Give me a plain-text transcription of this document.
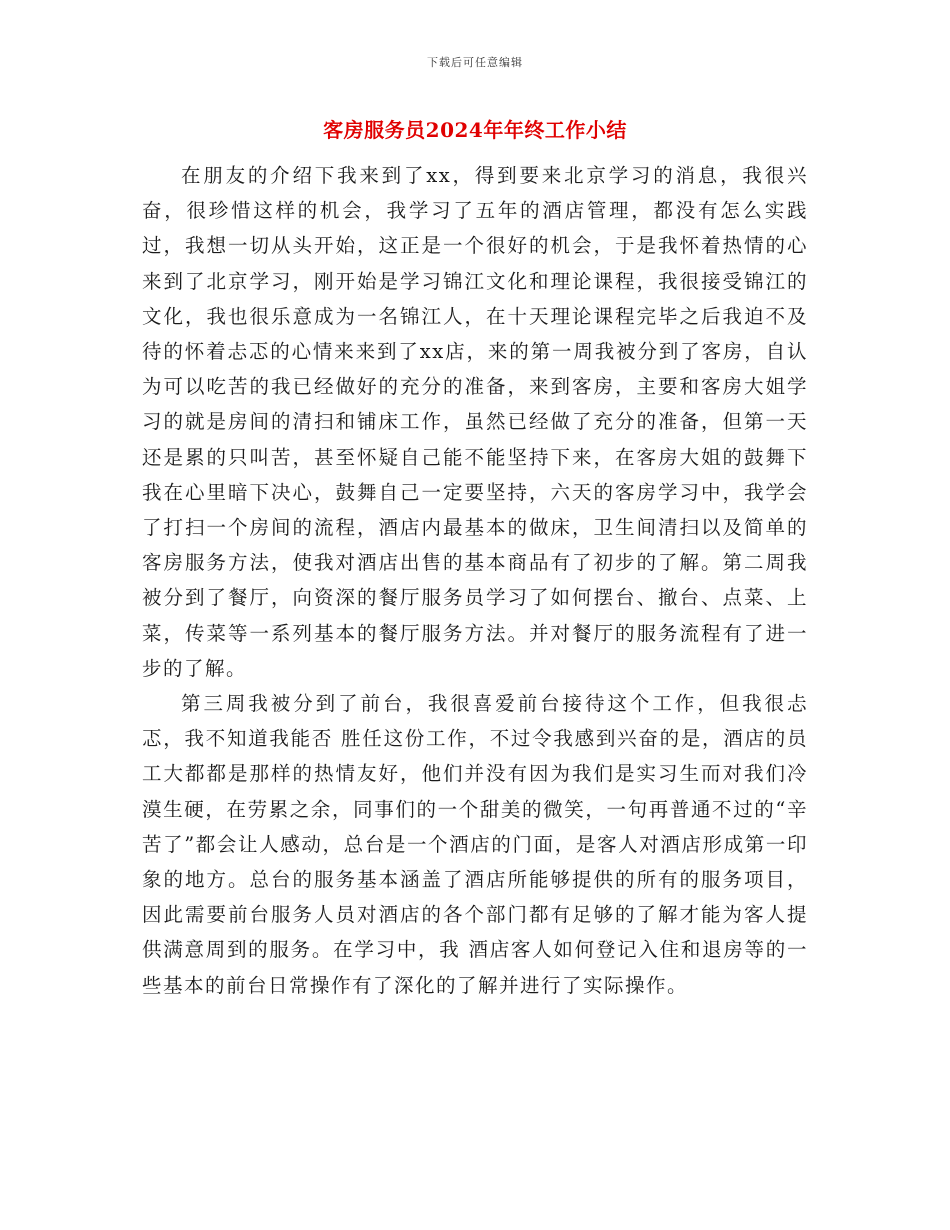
下载后可任意编辑
客房服务员2024年年终工作小结

在朋友的介绍下我来到了xx，得到要来北京学习的消息，我很兴奋，很珍惜这样的机会，我学习了五年的酒店管理，都没有怎么实践过，我想一切从头开始，这正是一个很好的机会，于是我怀着热情的心来到了北京学习，刚开始是学习锦江文化和理论课程，我很接受锦江的文化，我也很乐意成为一名锦江人，在十天理论课程完毕之后我迫不及待的怀着忐忑的心情来来到了xx店，来的第一周我被分到了客房，自认为可以吃苦的我已经做好的充分的准备，来到客房，主要和客房大姐学习的就是房间的清扫和铺床工作，虽然已经做了充分的准备，但第一天还是累的只叫苦，甚至怀疑自己能不能坚持下来，在客房大姐的鼓舞下我在心里暗下决心，鼓舞自己一定要坚持，六天的客房学习中，我学会了打扫一个房间的流程，酒店内最基本的做床，卫生间清扫以及简单的客房服务方法，使我对酒店出售的基本商品有了初步的了解。第二周我被分到了餐厅，向资深的餐厅服务员学习了如何摆台、撤台、点菜、上菜，传菜等一系列基本的餐厅服务方法。并对餐厅的服务流程有了进一步的了解。

第三周我被分到了前台，我很喜爱前台接待这个工作，但我很忐忑，我不知道我能否 胜任这份工作，不过令我感到兴奋的是，酒店的员工大都都是那样的热情友好，他们并没有因为我们是实习生而对我们冷漠生硬，在劳累之余，同事们的一个甜美的微笑，一句再普通不过的“辛苦了”都会让人感动，总台是一个酒店的门面，是客人对酒店形成第一印象的地方。总台的服务基本涵盖了酒店所能够提供的所有的服务项目，因此需要前台服务人员对酒店的各个部门都有足够的了解才能为客人提供满意周到的服务。在学习中，我 酒店客人如何登记入住和退房等的一些基本的前台日常操作有了深化的了解并进行了实际操作。
